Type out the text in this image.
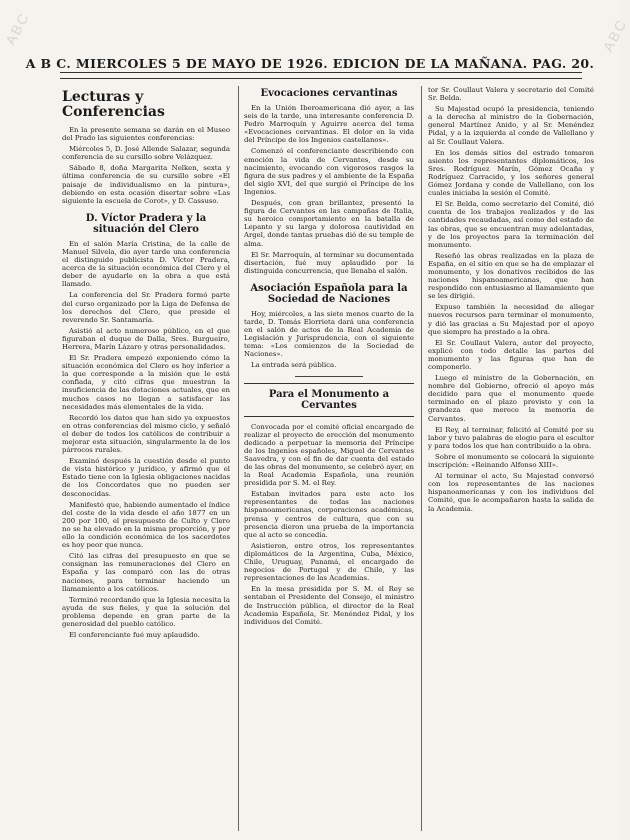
ABC	ABC
A B C. MIERCOLES 5 DE MAYO DE 1926. EDICION DE LA MAÑANA. PAG. 20.
Lecturas y Conferencias

En la presente semana se darán en el Museo del Prado las siguientes conferencias:

Miércoles 5, D. José Allende Salazar, segunda conferencia de su cursillo sobre Velázquez.

Sábado 8, doña Margarita Nelken, sexta y última conferencia de su cursillo sobre «El paisaje de individualismo en la pintura», debiendo en esta ocasión disertar sobre «Las siguiente la escuela de Corot», y D. Cassuso.

D. Víctor Pradera y la situación del Clero

En el salón María Cristina, de la calle de Manuel Silvela, dio ayer tarde una conferencia el distinguido publicista D. Víctor Pradera, acerca de la situación económica del Clero y el deber de ayudarle en la obra a que está llamado.

La conferencia del Sr. Pradera formó parte del curso organizado por la Liga de Defensa de los derechos del Clero, que preside el reverendo Sr. Santamaría.

Asistió al acto numeroso público, en el que figuraban el duque de Dalla, Sres. Burgueiro, Herrera, Marín Lázaro y otras personalidades.

El Sr. Pradera empezó exponiendo cómo la situación económica del Clero es hoy inferior a la que corresponde a la misión que le está confiada, y citó cifras que muestran la insuficiencia de las dotaciones actuales, que en muchos casos no llegan a satisfacer las necesidades más elementales de la vida.

Recordó los datos que han sido ya expuestos en otras conferencias del mismo ciclo, y señaló el deber de todos los católicos de contribuir a mejorar esta situación, singularmente la de los párrocos rurales.

Examinó después la cuestión desde el punto de vista histórico y jurídico, y afirmó que el Estado tiene con la Iglesia obligaciones nacidas de los Concordatos que no pueden ser desconocidas.

Manifestó que, habiendo aumentado el índice del coste de la vida desde el año 1877 en un 200 por 100, el presupuesto de Culto y Clero no se ha elevado en la misma proporción, y por ello la condición económica de los sacerdotes es hoy peor que nunca.

Citó las cifras del presupuesto en que se consignan las remuneraciones del Clero en España y las comparó con las de otras naciones, para terminar haciendo un llamamiento a los católicos.

Terminó recordando que la Iglesia necesita la ayuda de sus fieles, y que la solución del problema depende en gran parte de la generosidad del pueblo católico.

El conferenciante fué muy aplaudido.

Evocaciones cervantinas

En la Unión Iberoamericana dió ayer, a las seis de la tarde, una interesante conferencia D. Pedro Marroquín y Aguirre acerca del tema «Evocaciones cervantinas. El dolor en la vida del Príncipe de los Ingenios castellanos».

Comenzó el conferenciante describiendo con emoción la vida de Cervantes, desde su nacimiento, evocando con vigorosos rasgos la figura de sus padres y el ambiente de la España del siglo XVI, del que surgió el Príncipe de los Ingenios.

Después, con gran brillantez, presentó la figura de Cervantes en las campañas de Italia, su heroico comportamiento en la batalla de Lepanto y su larga y dolorosa cautividad en Argel, donde tantas pruebas dió de su temple de alma.

El Sr. Marroquín, al terminar su documentada disertación, fué muy aplaudido por la distinguida concurrencia, que llenaba el salón.

Asociación Española para la Sociedad de Naciones

Hoy, miércoles, a las siete menos cuarto de la tarde, D. Tomás Elorrieta dará una conferencia en el salón de actos de la Real Academia de Legislación y Jurisprudencia, con el siguiente tema: «Los comienzos de la Sociedad de Naciones».

La entrada será pública.

Para el Monumento a Cervantes

Convocada por el comité oficial encargado de realizar el proyecto de erección del monumento dedicado a perpetuar la memoria del Príncipe de los Ingenios españoles, Miguel de Cervantes Saavedra, y con el fin de dar cuenta del estado de las obras del monumento, se celebró ayer, en la Real Academia Española, una reunión presidida por S. M. el Rey.

Estaban invitados para este acto los representantes de todas las naciones hispanoamericanas, corporaciones académicas, prensa y centros de cultura, que con su presencia dieron una prueba de la importancia que al acto se concedía.

Asistieron, entre otros, los representantes diplomáticos de la Argentina, Cuba, México, Chile, Uruguay, Panamá, el encargado de negocios de Portugal y de Chile, y las representaciones de las Academias.

En la mesa presidida por S. M. el Rey se sentaban el Presidente del Consejo, el ministro de Instrucción pública, el director de la Real Academia Española, Sr. Menéndez Pidal, y los individuos del Comité.

tor Sr. Coullaut Valera y secretario del Comité Sr. Belda.

Su Majestad ocupó la presidencia, teniendo a la derecha al ministro de la Gobernación, general Martínez Anido, y al Sr. Menéndez Pidal, y a la izquierda al conde de Vallellano y al Sr. Coullaut Valera.

En los demás sitios del estrado tomaron asiento los representantes diplomáticos, los Sres. Rodríguez Marín, Gómez Ocaña y Rodríguez Carracido, y los señores general Gómez Jordana y conde de Vallellano, con los cuales iniciaba la sesión el Comité.

El Sr. Belda, como secretario del Comité, dió cuenta de los trabajos realizados y de las cantidades recaudadas, así como del estado de las obras, que se encuentran muy adelantadas, y de los proyectos para la terminación del monumento.

Reseñó las obras realizadas en la plaza de España, en el sitio en que se ha de emplazar el monumento, y los donativos recibidos de las naciones hispanoamericanas, que han respondido con entusiasmo al llamamiento que se les dirigió.

Expuso también la necesidad de allegar nuevos recursos para terminar el monumento, y dió las gracias a Su Majestad por el apoyo que siempre ha prestado a la obra.

El Sr. Coullaut Valera, autor del proyecto, explicó con todo detalle las partes del monumento y las figuras que han de componerlo.

Luego el ministro de la Gobernación, en nombre del Gobierno, ofreció el apoyo más decidido para que el monumento quede terminado en el plazo previsto y con la grandeza que merece la memoria de Cervantes.

El Rey, al terminar, felicitó al Comité por su labor y tuvo palabras de elogio para el escultor y para todos los que han contribuido a la obra.

Sobre el monumento se colocará la siguiente inscripción: «Reinando Alfonso XIII».

Al terminar el acto, Su Majestad conversó con los representantes de las naciones hispanoamericanas y con los individuos del Comité, que le acompañaron hasta la salida de la Academia.
